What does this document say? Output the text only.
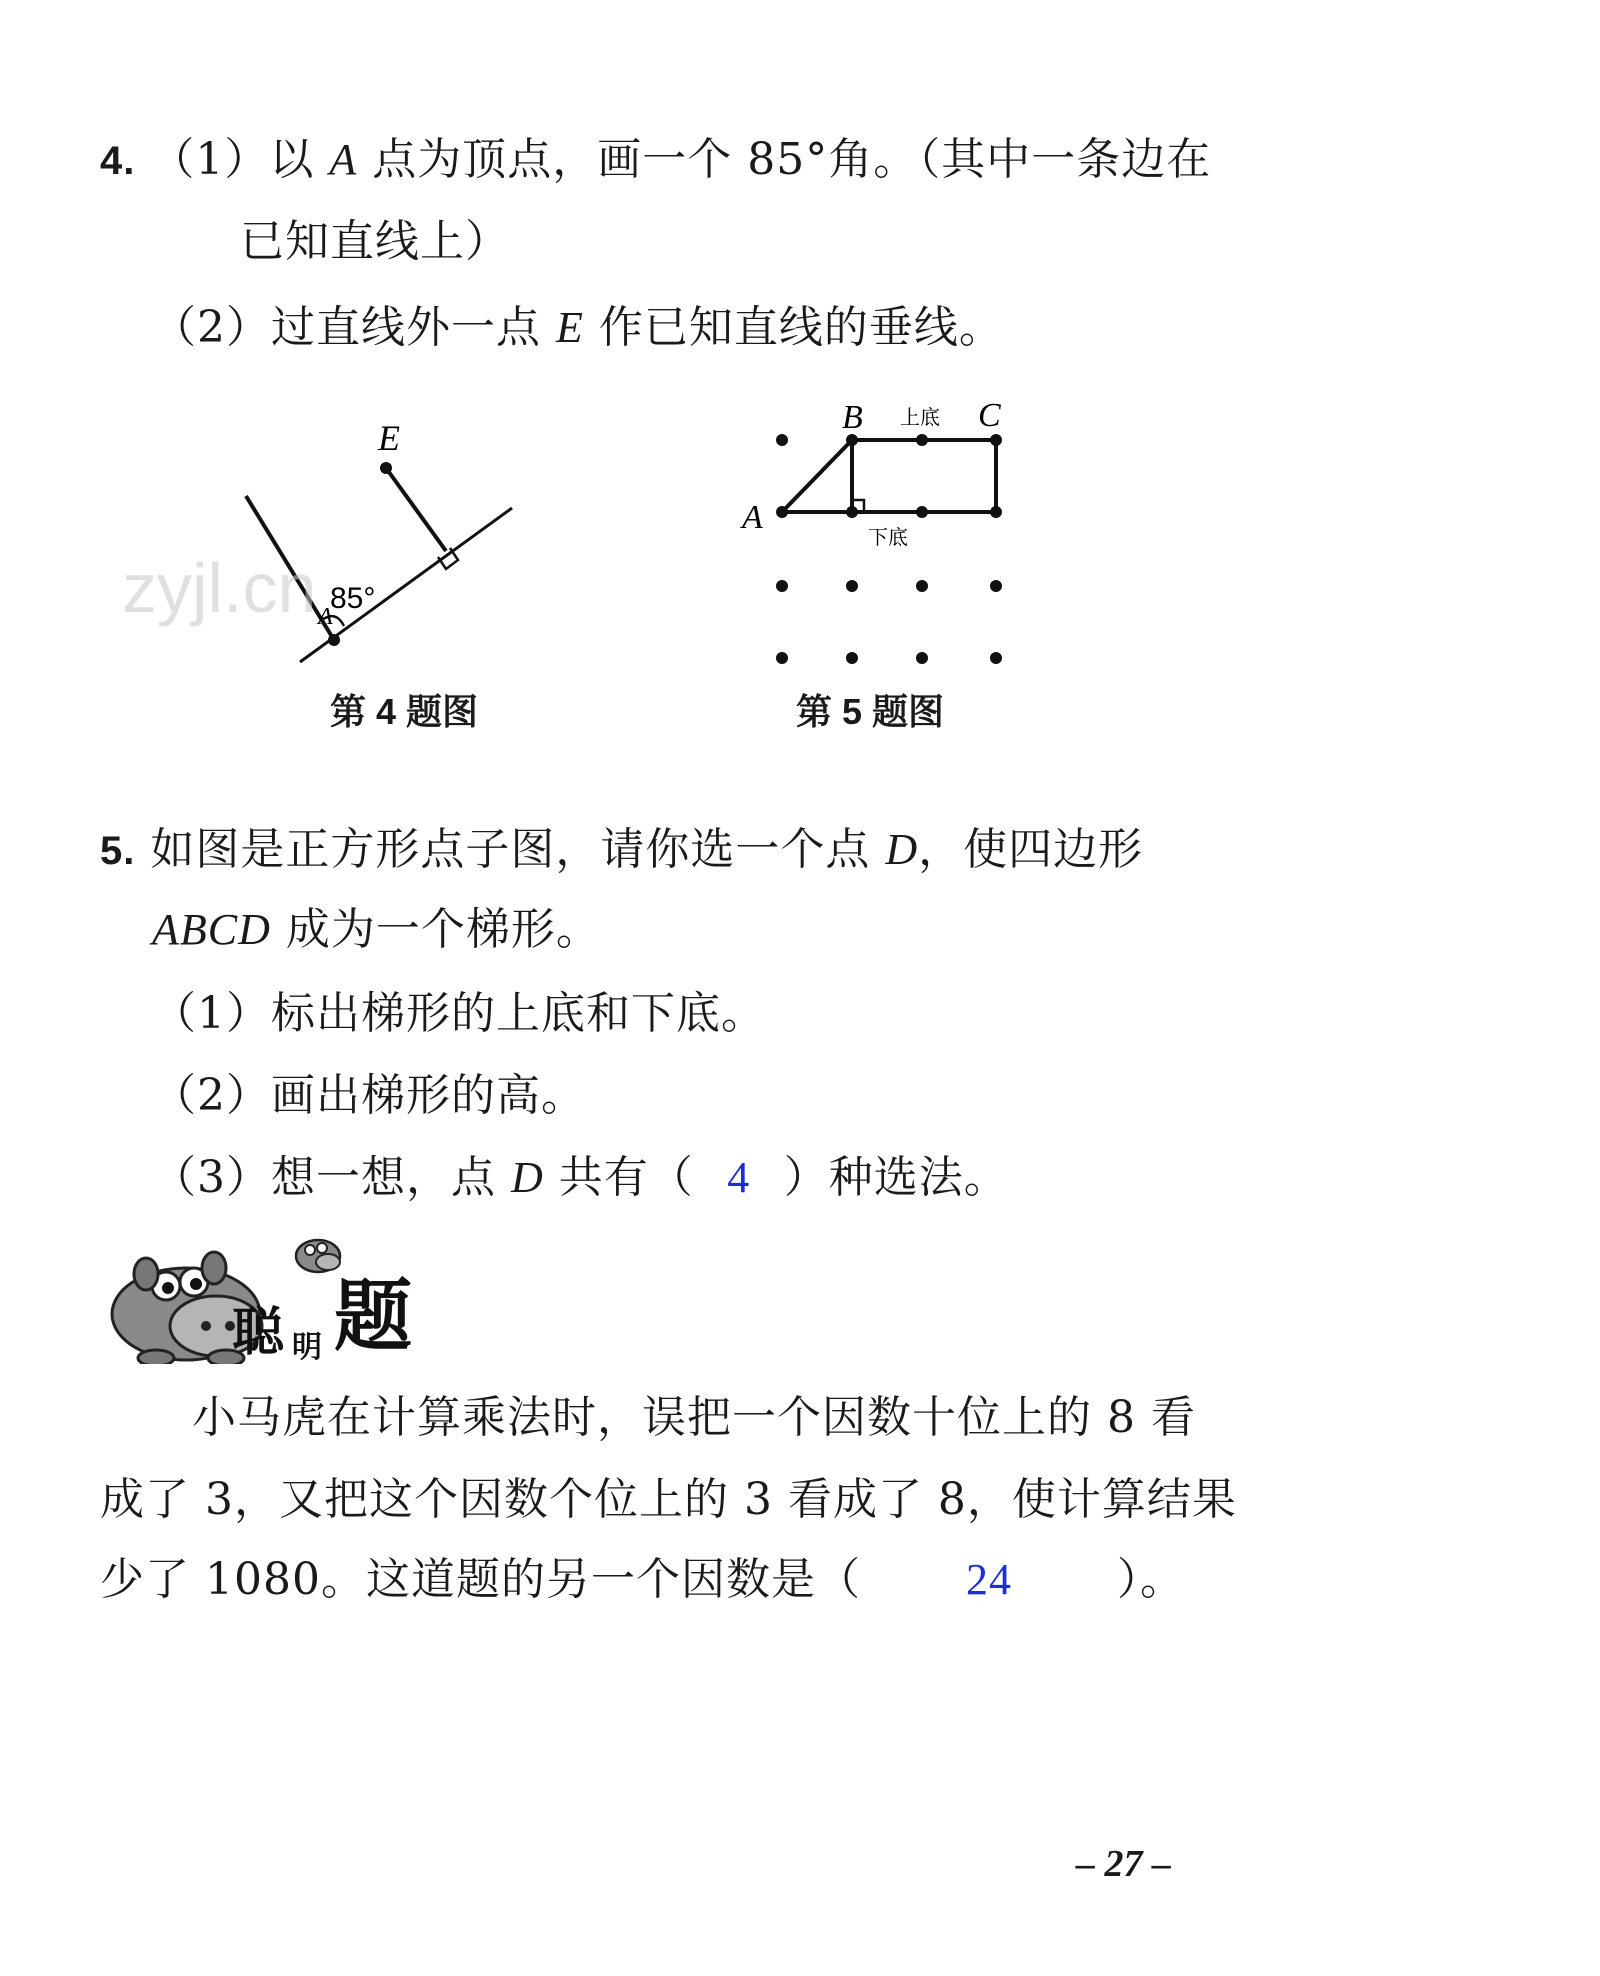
4. （1）以 A 点为顶点，画一个 85°角。（其中一条边在
已知直线上）
（2）过直线外一点 E 作已知直线的垂线。
E
85°
A
A
B	C
上底
下底
zyjl.cn
第 4 题图	第 5 题图
5. 如图是正方形点子图，请你选一个点 D，使四边形
ABCD 成为一个梯形。
（1）标出梯形的上底和下底。
（2）画出梯形的高。
（3）想一想，点 D 共有（ 4 ）种选法。
聪 明 题
小马虎在计算乘法时，误把一个因数十位上的 8 看
成了 3，又把这个因数个位上的 3 看成了 8，使计算结果
少了 1080。这道题的另一个因数是（ 24 ）。
– 27 –
